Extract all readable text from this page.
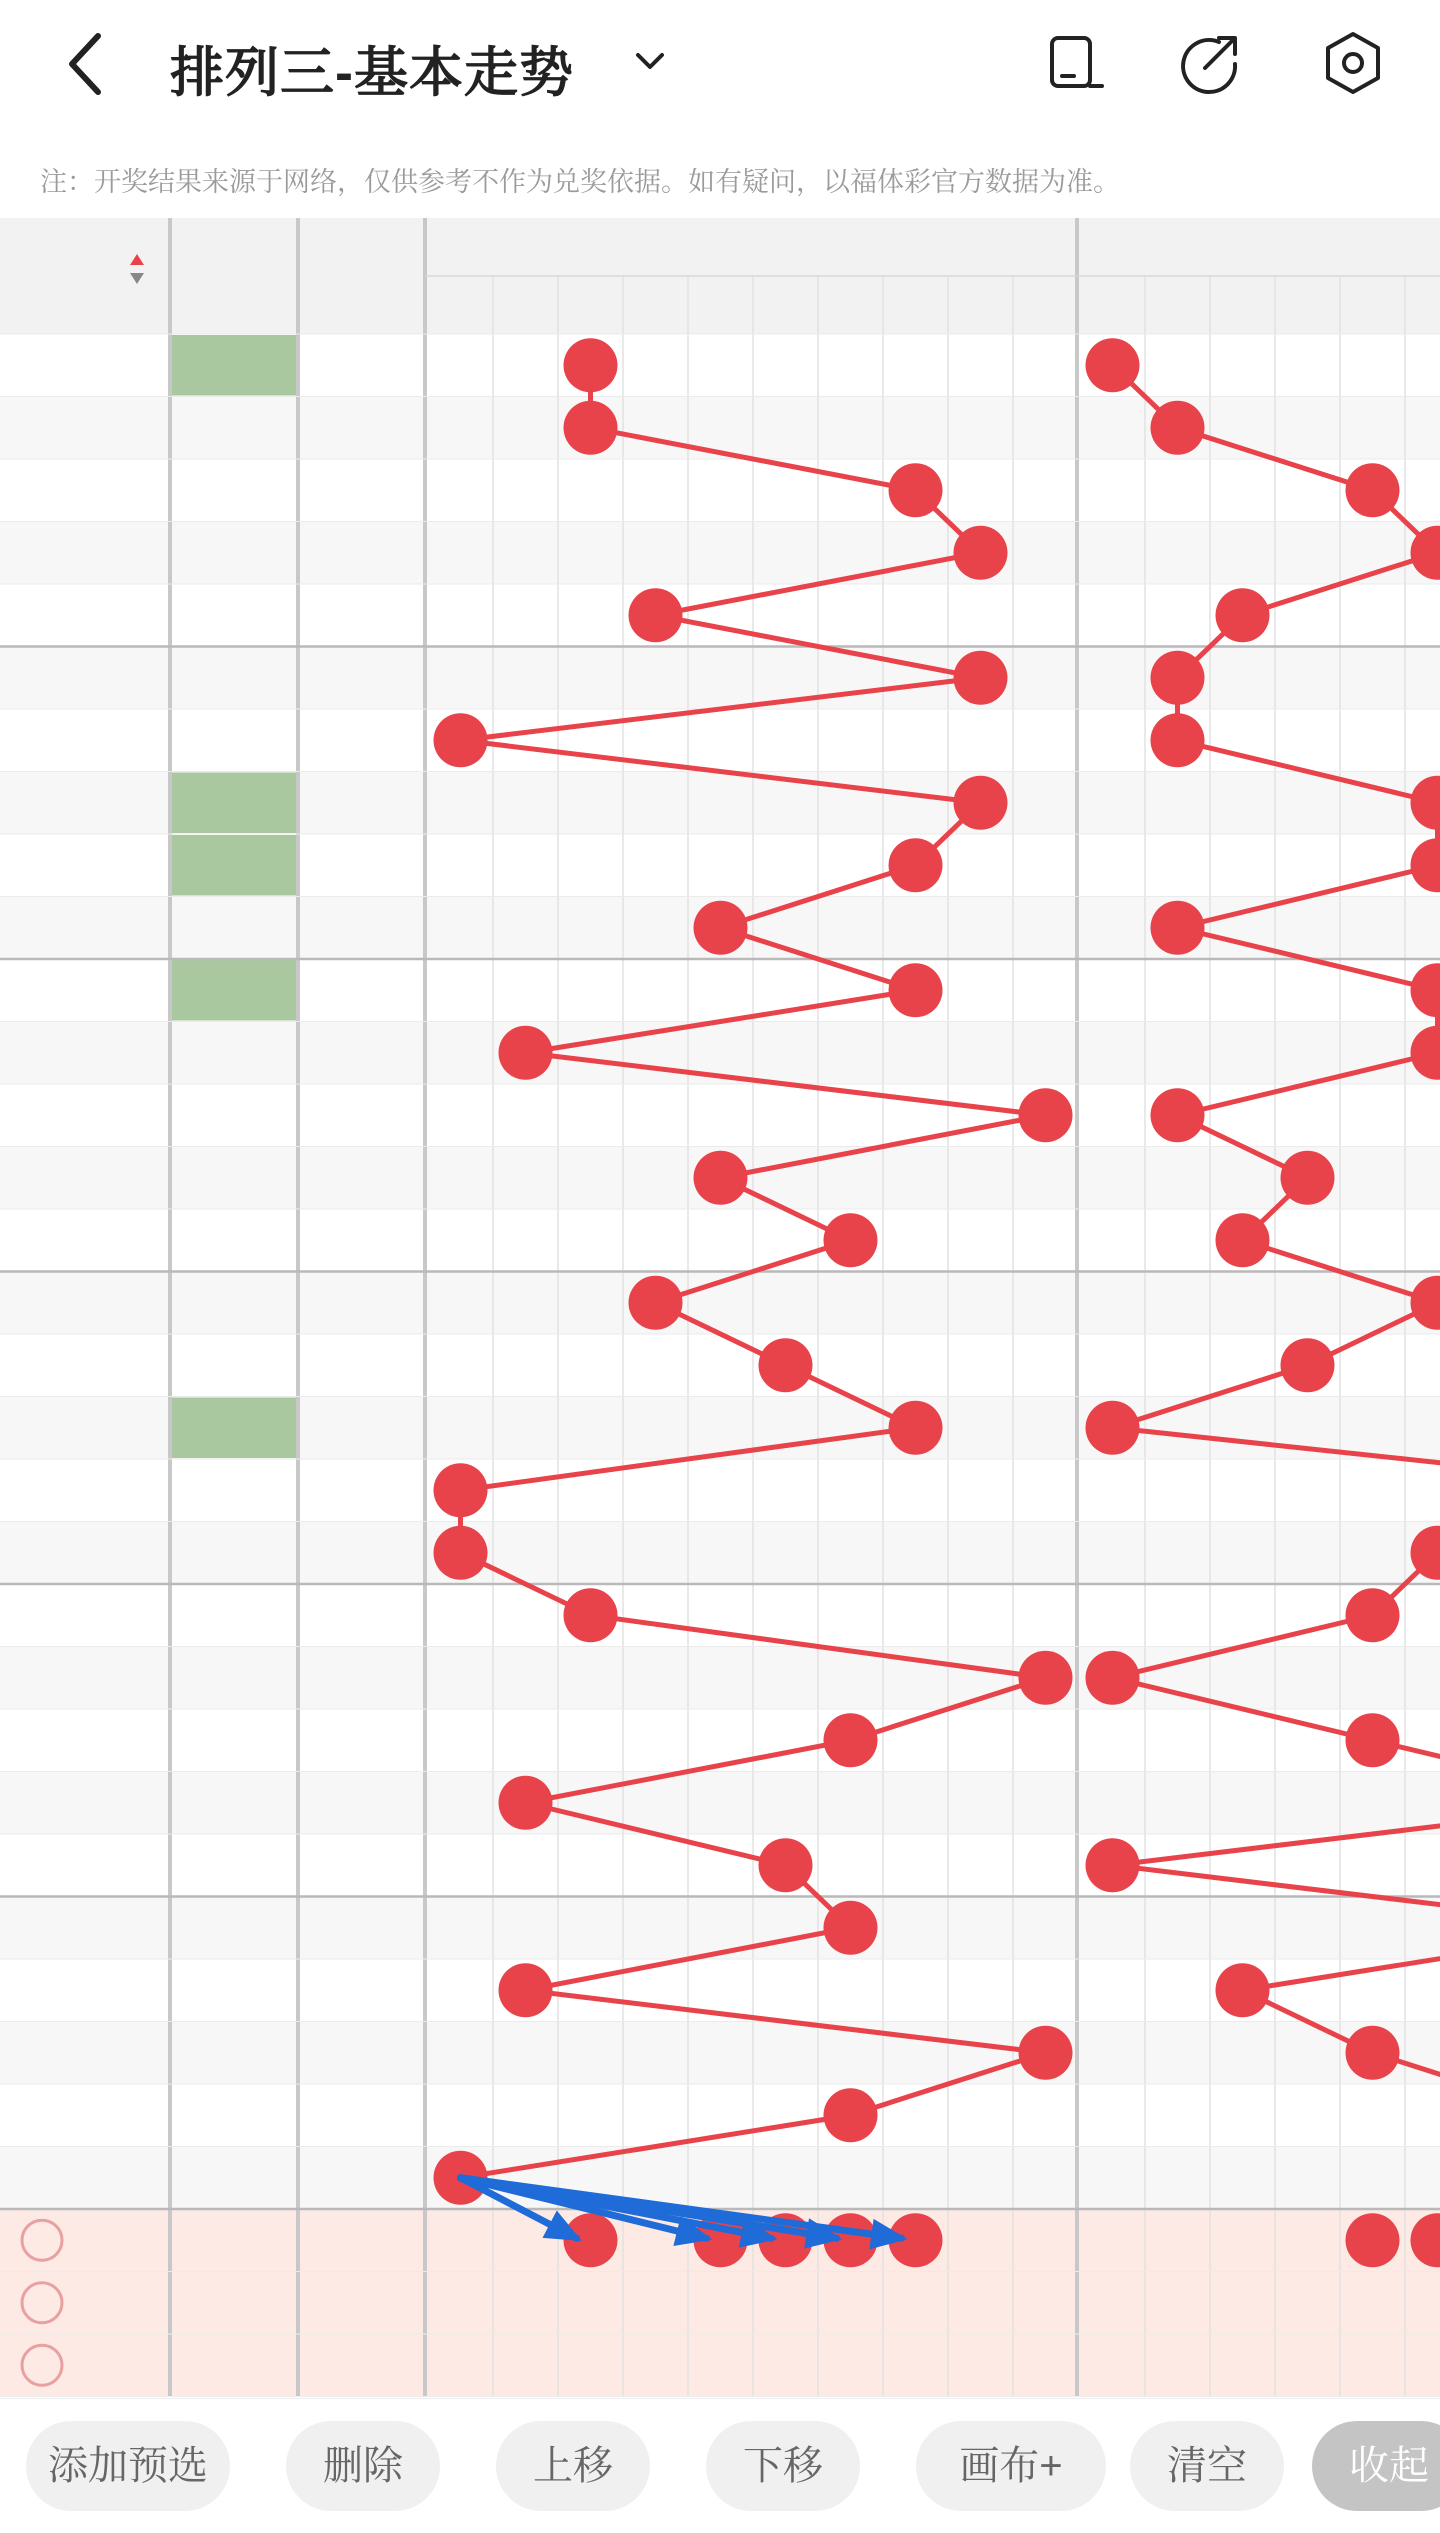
排列三-基本走势
注：开奖结果来源于网络，仅供参考不作为兑奖依据。如有疑问，以福体彩官方数据为准。
添加预选	删除	上移	下移	画布+	清空	收起
